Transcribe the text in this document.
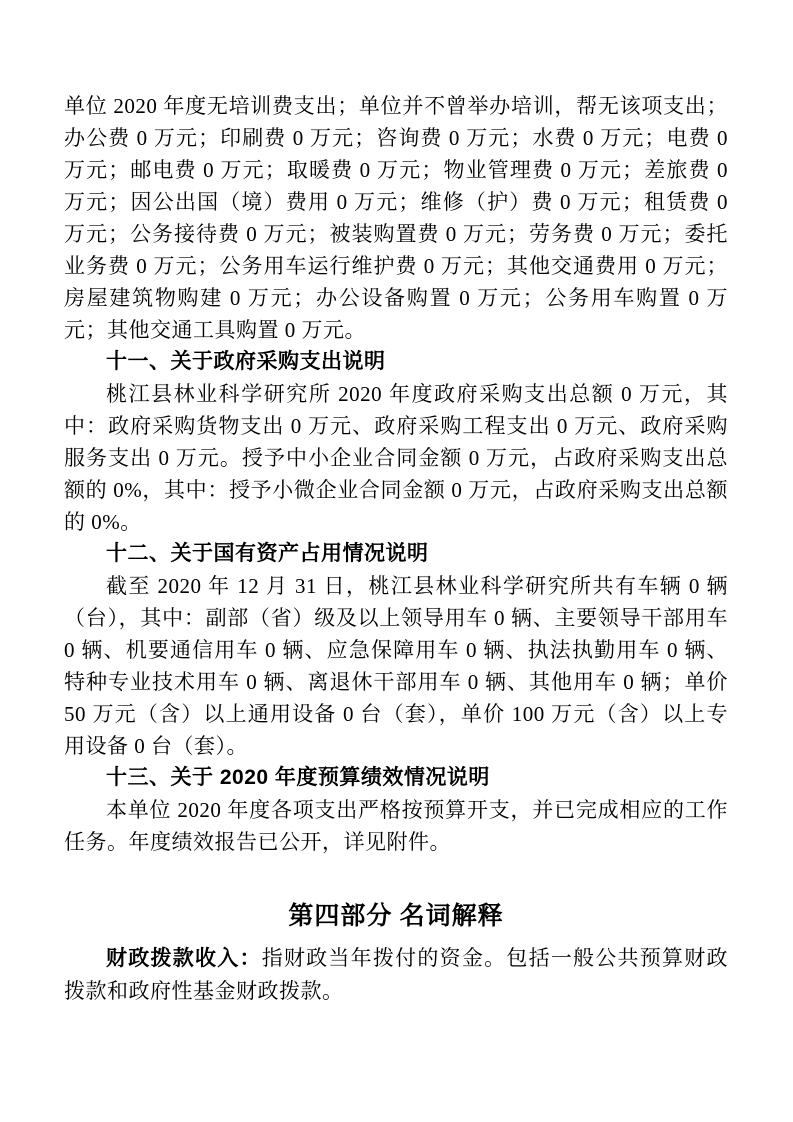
单位 2020 年度无培训费支出；单位并不曾举办培训，帮无该项支出；办公费 0 万元；印刷费 0 万元；咨询费 0 万元；水费 0 万元；电费 0 万元；邮电费 0 万元；取暖费 0 万元；物业管理费 0 万元；差旅费 0 万元；因公出国（境）费用 0 万元；维修（护）费 0 万元；租赁费 0 万元；公务接待费 0 万元；被装购置费 0 万元；劳务费 0 万元；委托业务费 0 万元；公务用车运行维护费 0 万元；其他交通费用 0 万元；房屋建筑物购建 0 万元；办公设备购置 0 万元；公务用车购置 0 万元；其他交通工具购置 0 万元。

十一、关于政府采购支出说明

桃江县林业科学研究所 2020 年度政府采购支出总额 0 万元，其中：政府采购货物支出 0 万元、政府采购工程支出 0 万元、政府采购服务支出 0 万元。授予中小企业合同金额 0 万元，占政府采购支出总额的 0%，其中：授予小微企业合同金额 0 万元，占政府采购支出总额的 0%。

十二、关于国有资产占用情况说明

截至 2020 年 12 月 31 日，桃江县林业科学研究所共有车辆 0 辆（台），其中：副部（省）级及以上领导用车 0 辆、主要领导干部用车 0 辆、机要通信用车 0 辆、应急保障用车 0 辆、执法执勤用车 0 辆、特种专业技术用车 0 辆、离退休干部用车 0 辆、其他用车 0 辆；单价 50 万元（含）以上通用设备 0 台（套），单价 100 万元（含）以上专用设备 0 台（套）。

十三、关于 2020 年度预算绩效情况说明

本单位 2020 年度各项支出严格按预算开支，并已完成相应的工作任务。年度绩效报告已公开，详见附件。

第四部分 名词解释

财政拨款收入：指财政当年拨付的资金。包括一般公共预算财政拨款和政府性基金财政拨款。
